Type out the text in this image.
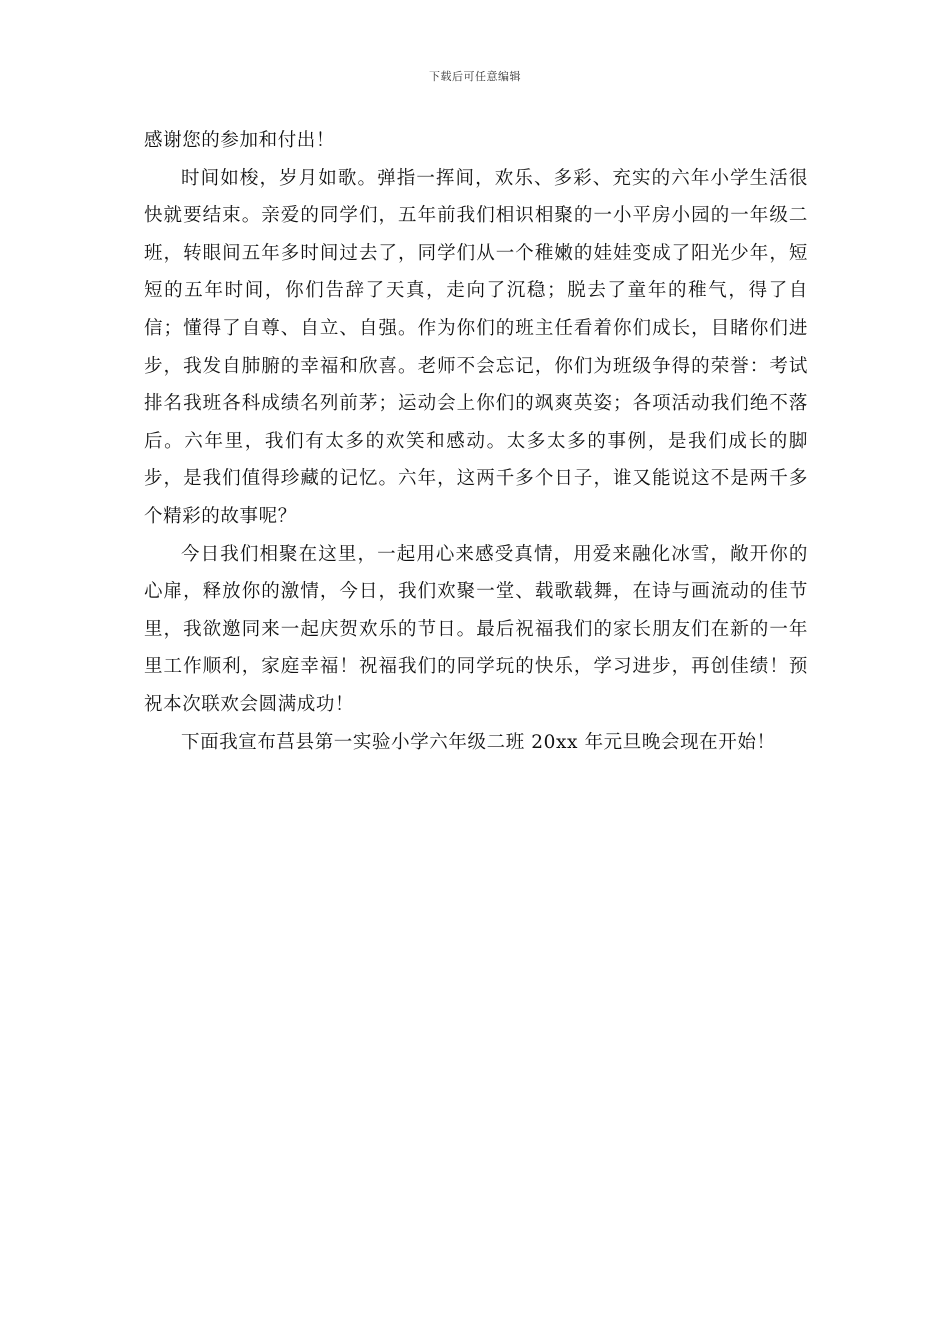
下载后可任意编辑

感谢您的参加和付出！

时间如梭，岁月如歌。弹指一挥间，欢乐、多彩、充实的六年小学生活很快就要结束。亲爱的同学们，五年前我们相识相聚的一小平房小园的一年级二班，转眼间五年多时间过去了，同学们从一个稚嫩的娃娃变成了阳光少年，短短的五年时间，你们告辞了天真，走向了沉稳；脱去了童年的稚气，得了自信；懂得了自尊、自立、自强。作为你们的班主任看着你们成长，目睹你们进步，我发自肺腑的幸福和欣喜。老师不会忘记，你们为班级争得的荣誉：考试排名我班各科成绩名列前茅；运动会上你们的飒爽英姿；各项活动我们绝不落后。六年里，我们有太多的欢笑和感动。太多太多的事例，是我们成长的脚步，是我们值得珍藏的记忆。六年，这两千多个日子，谁又能说这不是两千多个精彩的故事呢？

今日我们相聚在这里，一起用心来感受真情，用爱来融化冰雪，敞开你的心扉，释放你的激情，今日，我们欢聚一堂、载歌载舞，在诗与画流动的佳节里，我欲邀同来一起庆贺欢乐的节日。最后祝福我们的家长朋友们在新的一年里工作顺利，家庭幸福！祝福我们的同学玩的快乐，学习进步，再创佳绩！预祝本次联欢会圆满成功！

下面我宣布莒县第一实验小学六年级二班 20xx 年元旦晚会现在开始！
